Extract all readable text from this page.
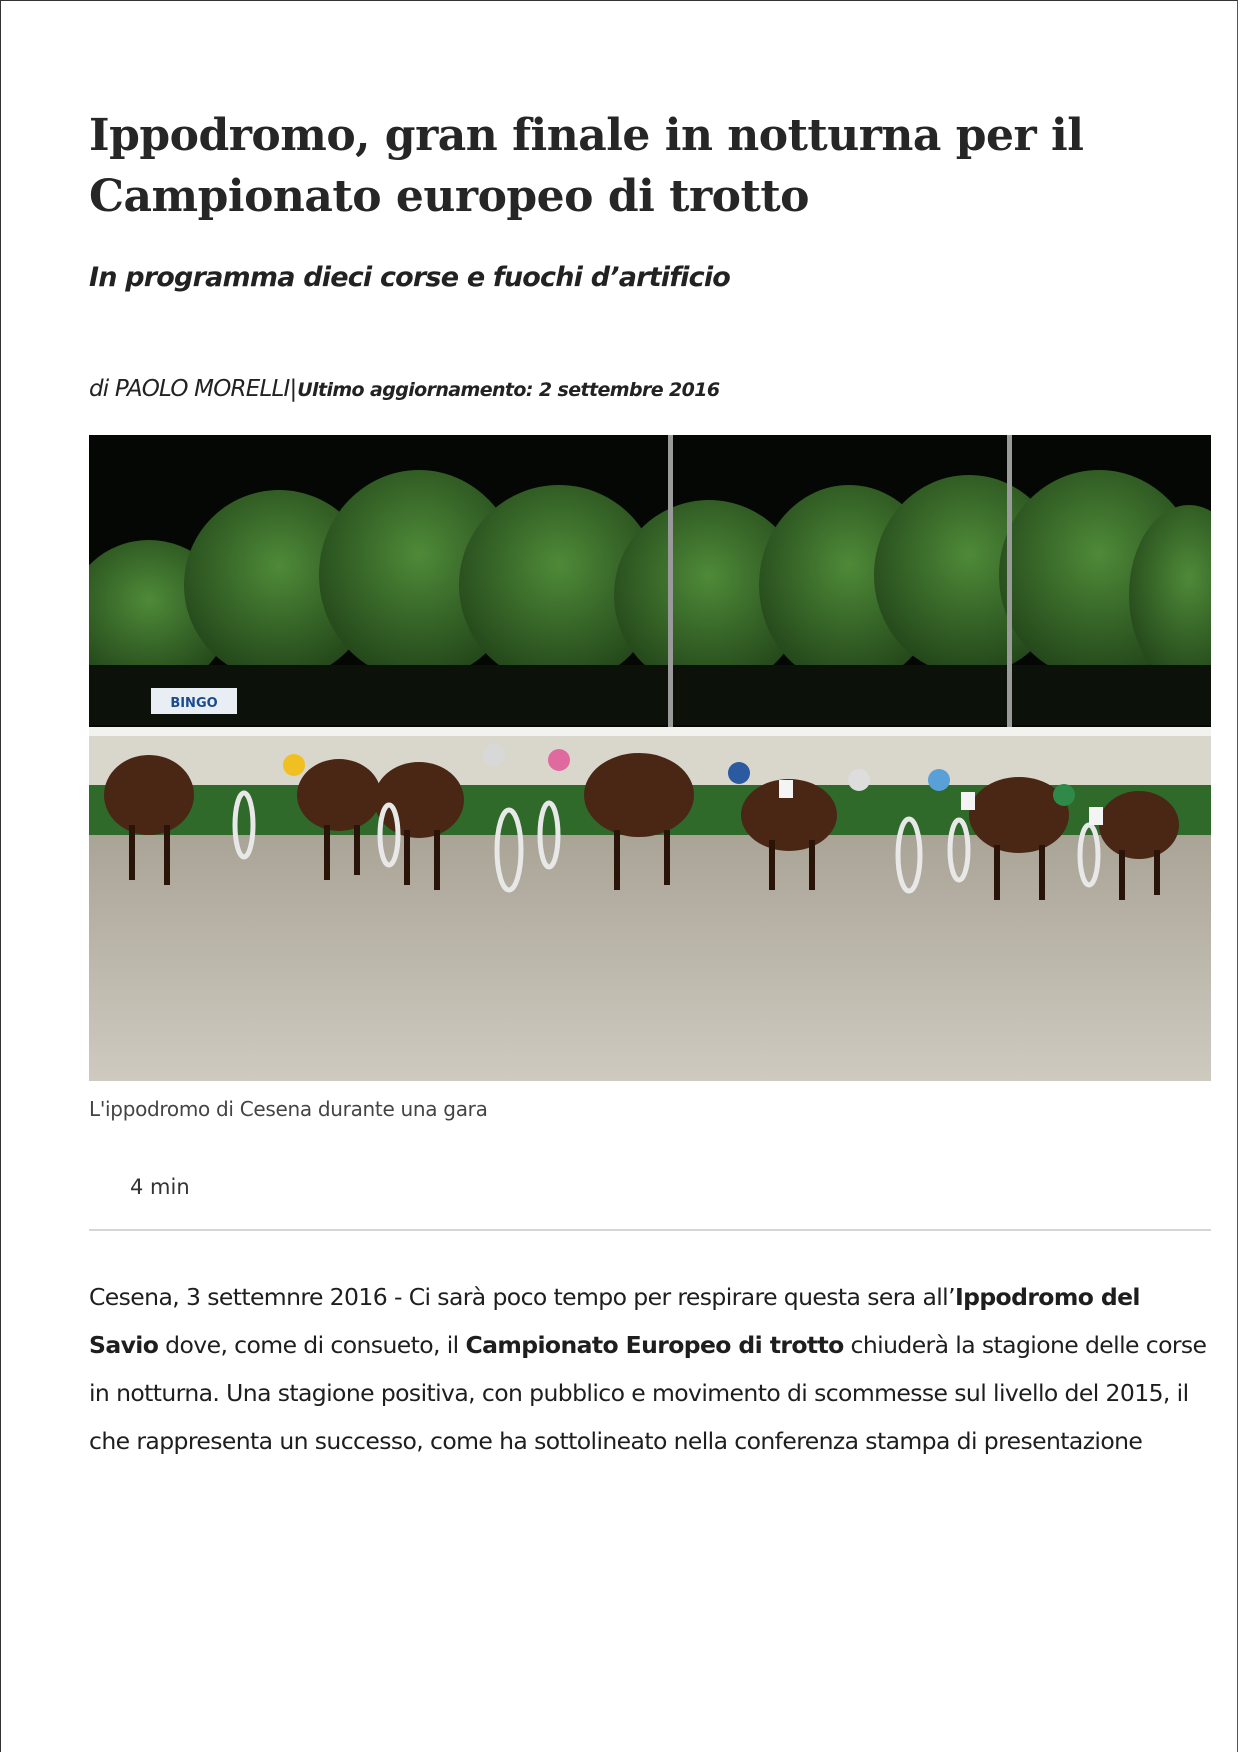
Ippodromo, gran finale in notturna per il
Campionato europeo di trotto
In programma dieci corse e fuochi d’artificio
di PAOLO MORELLI|Ultimo aggiornamento: 2 settembre 2016
BINGO
L'ippodromo di Cesena durante una gara
4 min

Cesena, 3 settemnre 2016 - Ci sarà poco tempo per respirare questa sera all’Ippodromo del Savio dove, come di consueto, il Campionato Europeo di trotto chiuderà la stagione delle corse in notturna. Una stagione positiva, con pubblico e movimento di scommesse sul livello del 2015, il che rappresenta un successo, come ha sottolineato nella conferenza stampa di presentazione
